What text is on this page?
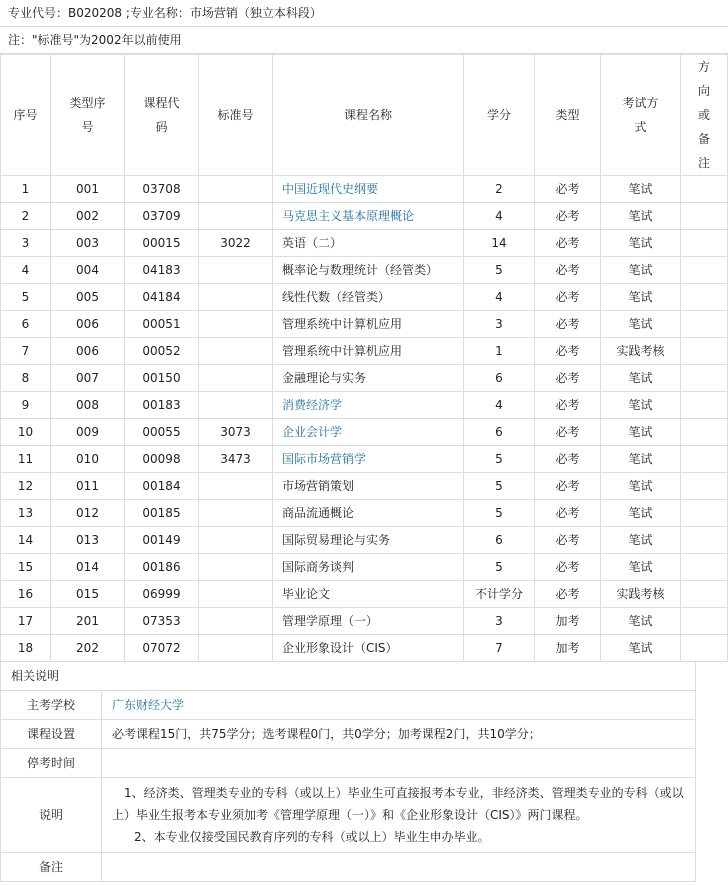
专业代号：B020208 ;专业名称：市场营销（独立本科段）
注："标准号"为2002年以前使用
序号	类型序号	课程代码	标准号	课程名称	学分	类型	考试方式	方向或备注
1	001	03708		中国近现代史纲要	2	必考	笔试	
2	002	03709		马克思主义基本原理概论	4	必考	笔试	
3	003	00015	3022	英语（二）	14	必考	笔试	
4	004	04183		概率论与数理统计（经管类）	5	必考	笔试	
5	005	04184		线性代数（经管类）	4	必考	笔试	
6	006	00051		管理系统中计算机应用	3	必考	笔试	
7	006	00052		管理系统中计算机应用	1	必考	实践考核	
8	007	00150		金融理论与实务	6	必考	笔试	
9	008	00183		消费经济学	4	必考	笔试	
10	009	00055	3073	企业会计学	6	必考	笔试	
11	010	00098	3473	国际市场营销学	5	必考	笔试	
12	011	00184		市场营销策划	5	必考	笔试	
13	012	00185		商品流通概论	5	必考	笔试	
14	013	00149		国际贸易理论与实务	6	必考	笔试	
15	014	00186		国际商务谈判	5	必考	笔试	
16	015	06999		毕业论文	不计学分	必考	实践考核	
17	201	07353		管理学原理（一）	3	加考	笔试	
18	202	07072		企业形象设计（CIS）	7	加考	笔试	
相关说明	
主考学校	广东财经大学
课程设置	必考课程15门，共75学分；选考课程0门，共0学分；加考课程2门，共10学分；
停考时间	
说明	1、经济类、管理类专业的专科（或以上）毕业生可直接报考本专业，非经济类、管理类专业的专科（或以上）毕业生报考本专业须加考《管理学原理（一）》和《企业形象设计（CIS）》两门课程。
2、本专业仅接受国民教育序列的专科（或以上）毕业生申办毕业。

备注	
